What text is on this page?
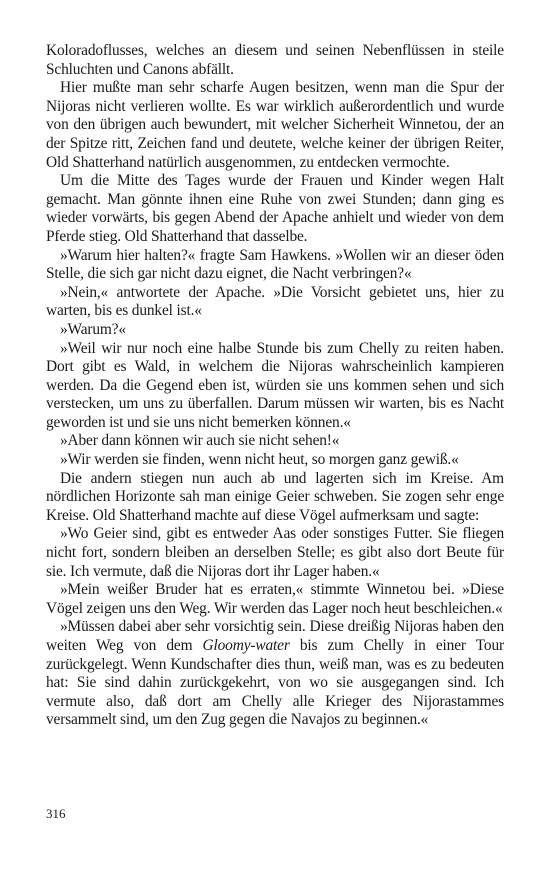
Koloradoflusses, welches an diesem und seinen Nebenflüssen in steile Schluchten und Canons abfällt.

Hier mußte man sehr scharfe Augen besitzen, wenn man die Spur der Nijoras nicht verlieren wollte. Es war wirklich außerordentlich und wurde von den übrigen auch bewundert, mit welcher Sicherheit Winnetou, der an der Spitze ritt, Zeichen fand und deutete, welche keiner der übrigen Reiter, Old Shatterhand natürlich ausgenommen, zu entdecken vermochte.

Um die Mitte des Tages wurde der Frauen und Kinder wegen Halt gemacht. Man gönnte ihnen eine Ruhe von zwei Stunden; dann ging es wieder vorwärts, bis gegen Abend der Apache anhielt und wieder von dem Pferde stieg. Old Shatterhand that dasselbe.

»Warum hier halten?« fragte Sam Hawkens. »Wollen wir an dieser öden Stelle, die sich gar nicht dazu eignet, die Nacht verbringen?«

»Nein,« antwortete der Apache. »Die Vorsicht gebietet uns, hier zu warten, bis es dunkel ist.«

»Warum?«

»Weil wir nur noch eine halbe Stunde bis zum Chelly zu reiten haben. Dort gibt es Wald, in welchem die Nijoras wahrscheinlich kampieren werden. Da die Gegend eben ist, würden sie uns kommen sehen und sich verstecken, um uns zu überfallen. Darum müssen wir warten, bis es Nacht geworden ist und sie uns nicht bemerken können.«

»Aber dann können wir auch sie nicht sehen!«

»Wir werden sie finden, wenn nicht heut, so morgen ganz gewiß.«

Die andern stiegen nun auch ab und lagerten sich im Kreise. Am nördlichen Horizonte sah man einige Geier schweben. Sie zogen sehr enge Kreise. Old Shatterhand machte auf diese Vögel aufmerksam und sagte:

»Wo Geier sind, gibt es entweder Aas oder sonstiges Futter. Sie fliegen nicht fort, sondern bleiben an derselben Stelle; es gibt also dort Beute für sie. Ich vermute, daß die Nijoras dort ihr Lager haben.«

»Mein weißer Bruder hat es erraten,« stimmte Winnetou bei. »Diese Vögel zeigen uns den Weg. Wir werden das Lager noch heut beschleichen.«

»Müssen dabei aber sehr vorsichtig sein. Diese dreißig Nijoras haben den weiten Weg von dem Gloomy-water bis zum Chelly in einer Tour zurückgelegt. Wenn Kundschafter dies thun, weiß man, was es zu bedeuten hat: Sie sind dahin zurückgekehrt, von wo sie ausgegangen sind. Ich vermute also, daß dort am Chelly alle Krieger des Nijorastammes versammelt sind, um den Zug gegen die Navajos zu beginnen.«

316
